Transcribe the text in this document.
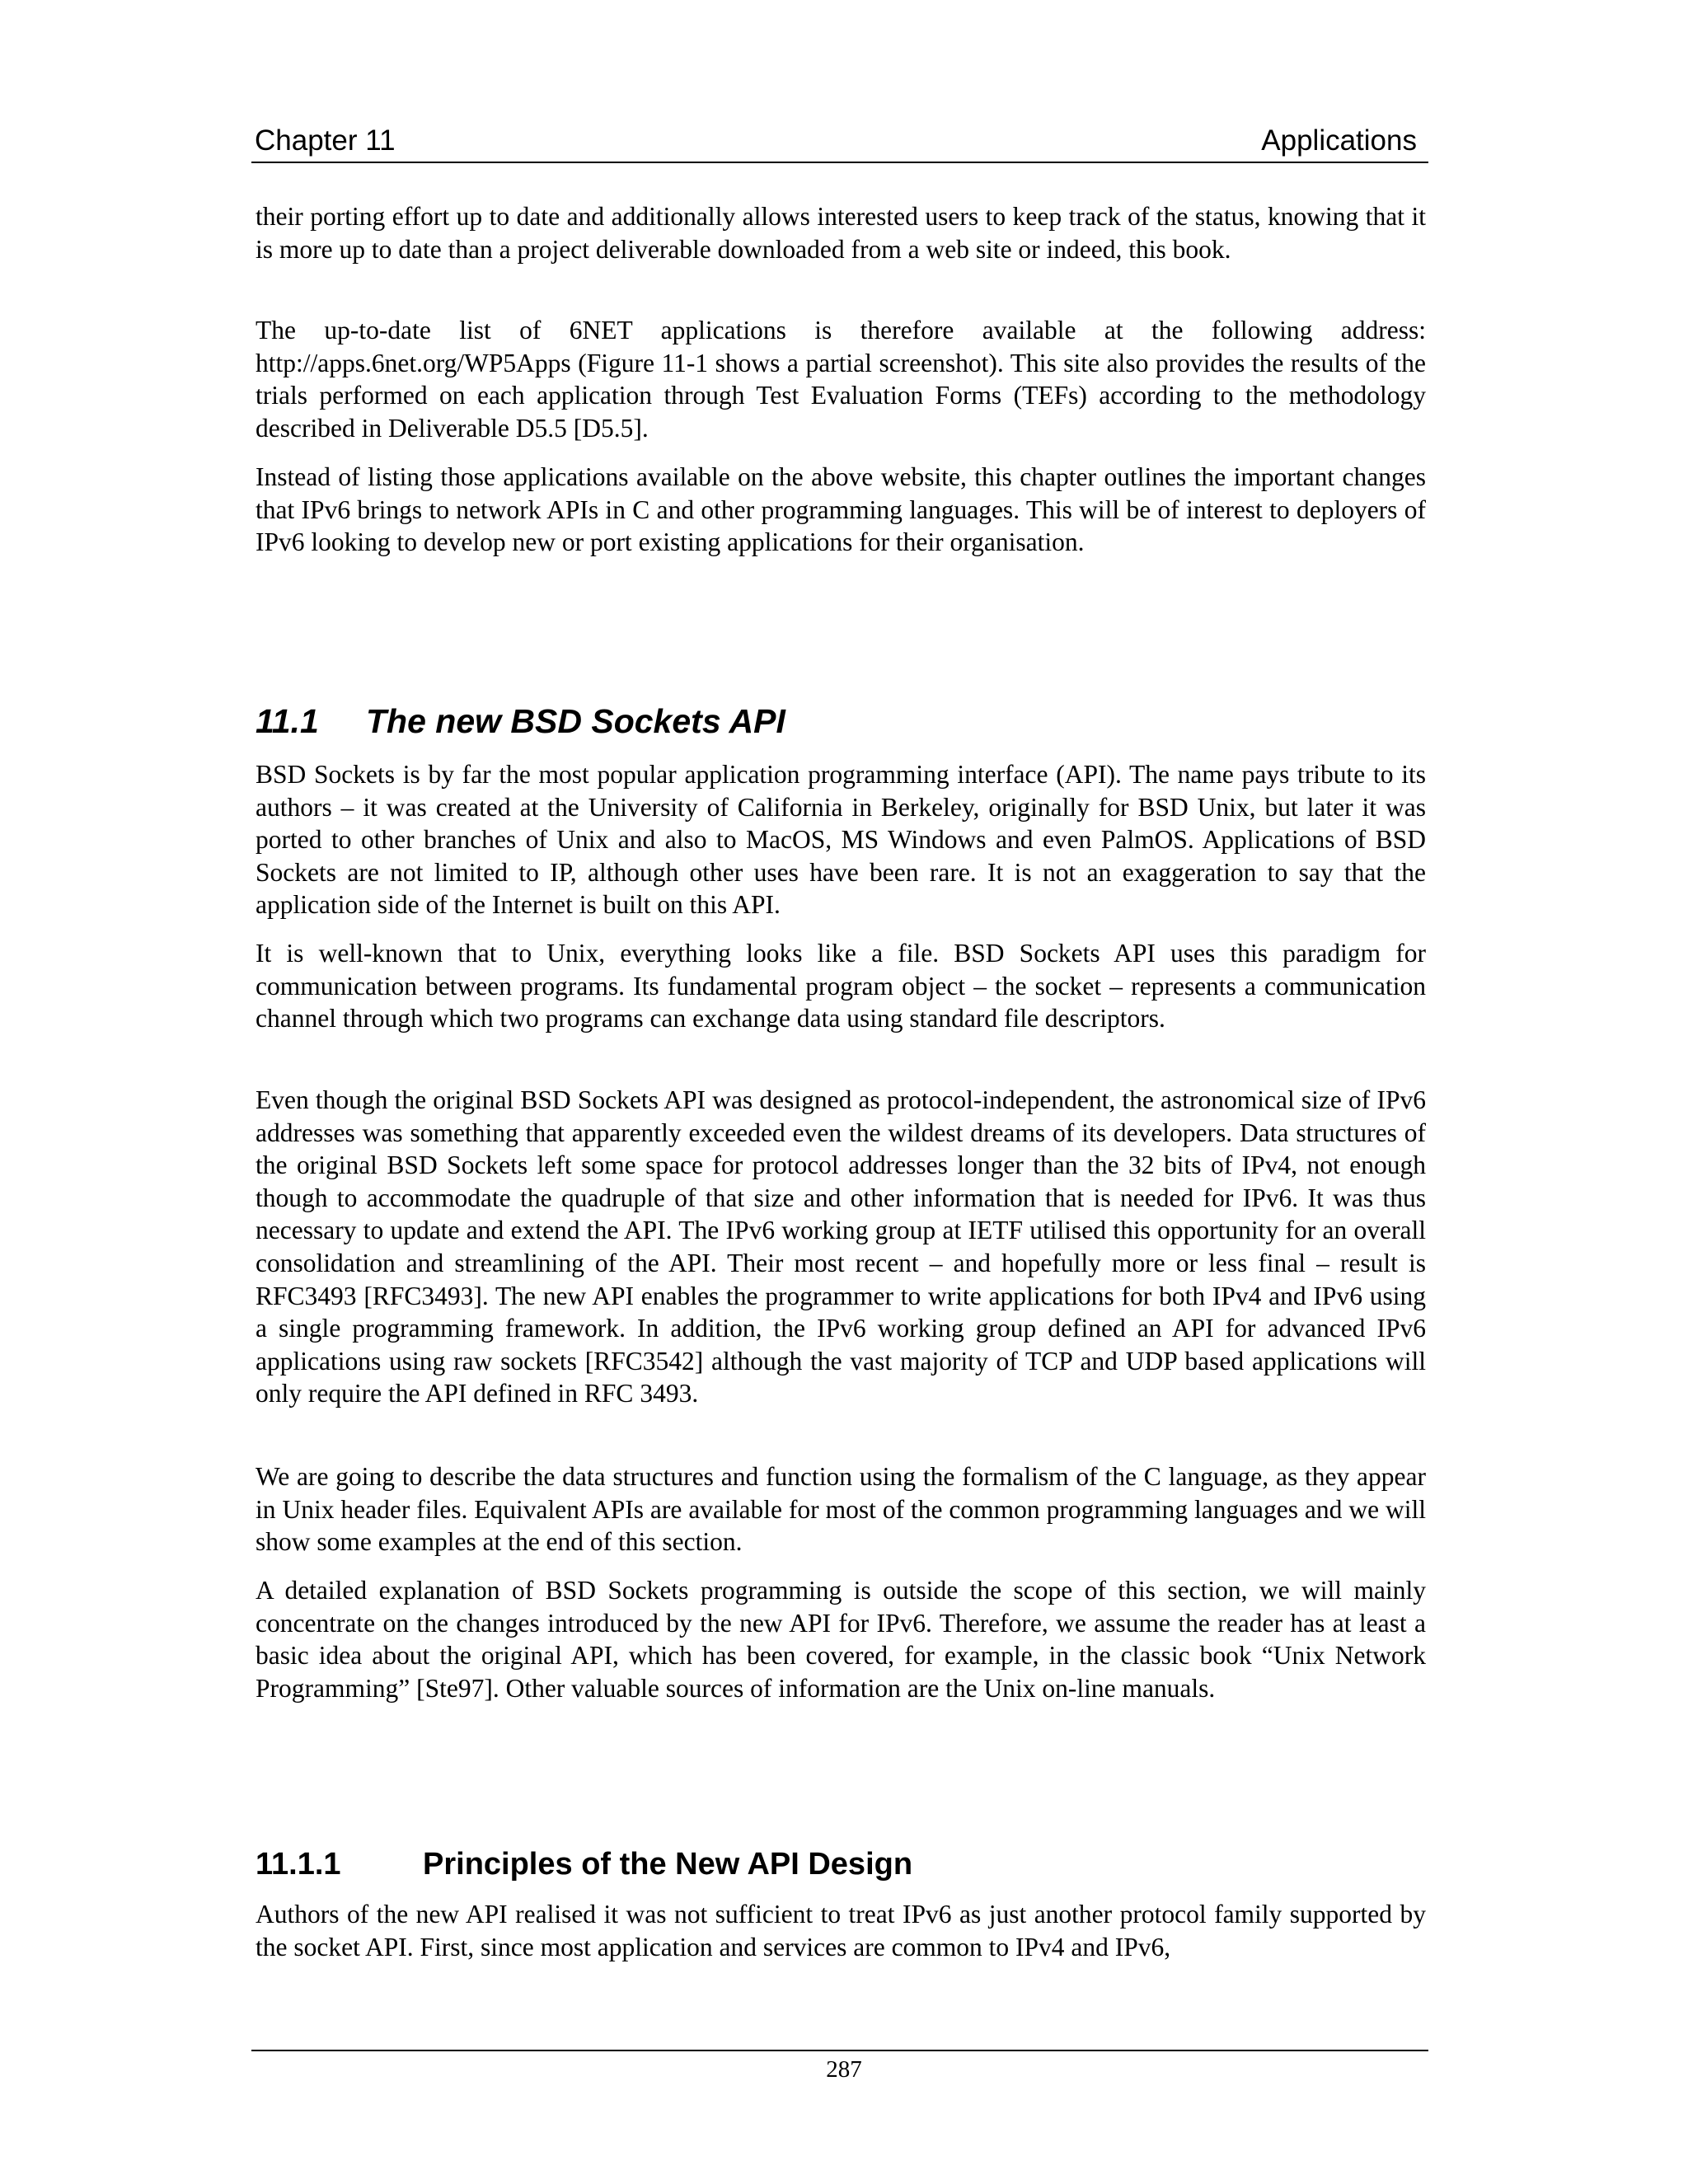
Chapter 11	Applications

their porting effort up to date and additionally allows interested users to keep track of the status, knowing that it is more up to date than a project deliverable downloaded from a web site or indeed, this book.

The up-to-date list of 6NET applications is therefore available at the following address: http://apps.6net.org/WP5Apps (Figure 11-1 shows a partial screenshot). This site also provides the results of the trials performed on each application through Test Evaluation Forms (TEFs) according to the methodology described in Deliverable D5.5 [D5.5].

Instead of listing those applications available on the above website, this chapter outlines the important changes that IPv6 brings to network APIs in C and other programming languages. This will be of interest to deployers of IPv6 looking to develop new or port existing applications for their organisation.

11.1 The new BSD Sockets API

BSD Sockets is by far the most popular application programming interface (API). The name pays tribute to its authors – it was created at the University of California in Berkeley, originally for BSD Unix, but later it was ported to other branches of Unix and also to MacOS, MS Windows and even PalmOS. Applications of BSD Sockets are not limited to IP, although other uses have been rare. It is not an exaggeration to say that the application side of the Internet is built on this API.

It is well-known that to Unix, everything looks like a file. BSD Sockets API uses this paradigm for communication between programs. Its fundamental program object – the socket – represents a communication channel through which two programs can exchange data using standard file descriptors.

Even though the original BSD Sockets API was designed as protocol-independent, the astronomical size of IPv6 addresses was something that apparently exceeded even the wildest dreams of its developers. Data structures of the original BSD Sockets left some space for protocol addresses longer than the 32 bits of IPv4, not enough though to accommodate the quadruple of that size and other information that is needed for IPv6. It was thus necessary to update and extend the API. The IPv6 working group at IETF utilised this opportunity for an overall consolidation and streamlining of the API. Their most recent – and hopefully more or less final – result is RFC3493 [RFC3493]. The new API enables the programmer to write applications for both IPv4 and IPv6 using a single programming framework. In addition, the IPv6 working group defined an API for advanced IPv6 applications using raw sockets [RFC3542] although the vast majority of TCP and UDP based applications will only require the API defined in RFC 3493.

We are going to describe the data structures and function using the formalism of the C language, as they appear in Unix header files. Equivalent APIs are available for most of the common programming languages and we will show some examples at the end of this section.

A detailed explanation of BSD Sockets programming is outside the scope of this section, we will mainly concentrate on the changes introduced by the new API for IPv6. Therefore, we assume the reader has at least a basic idea about the original API, which has been covered, for example, in the classic book “Unix Network Programming” [Ste97]. Other valuable sources of information are the Unix on-line manuals.

11.1.1	Principles of the New API Design

Authors of the new API realised it was not sufficient to treat IPv6 as just another protocol family supported by the socket API. First, since most application and services are common to IPv4 and IPv6,

287
